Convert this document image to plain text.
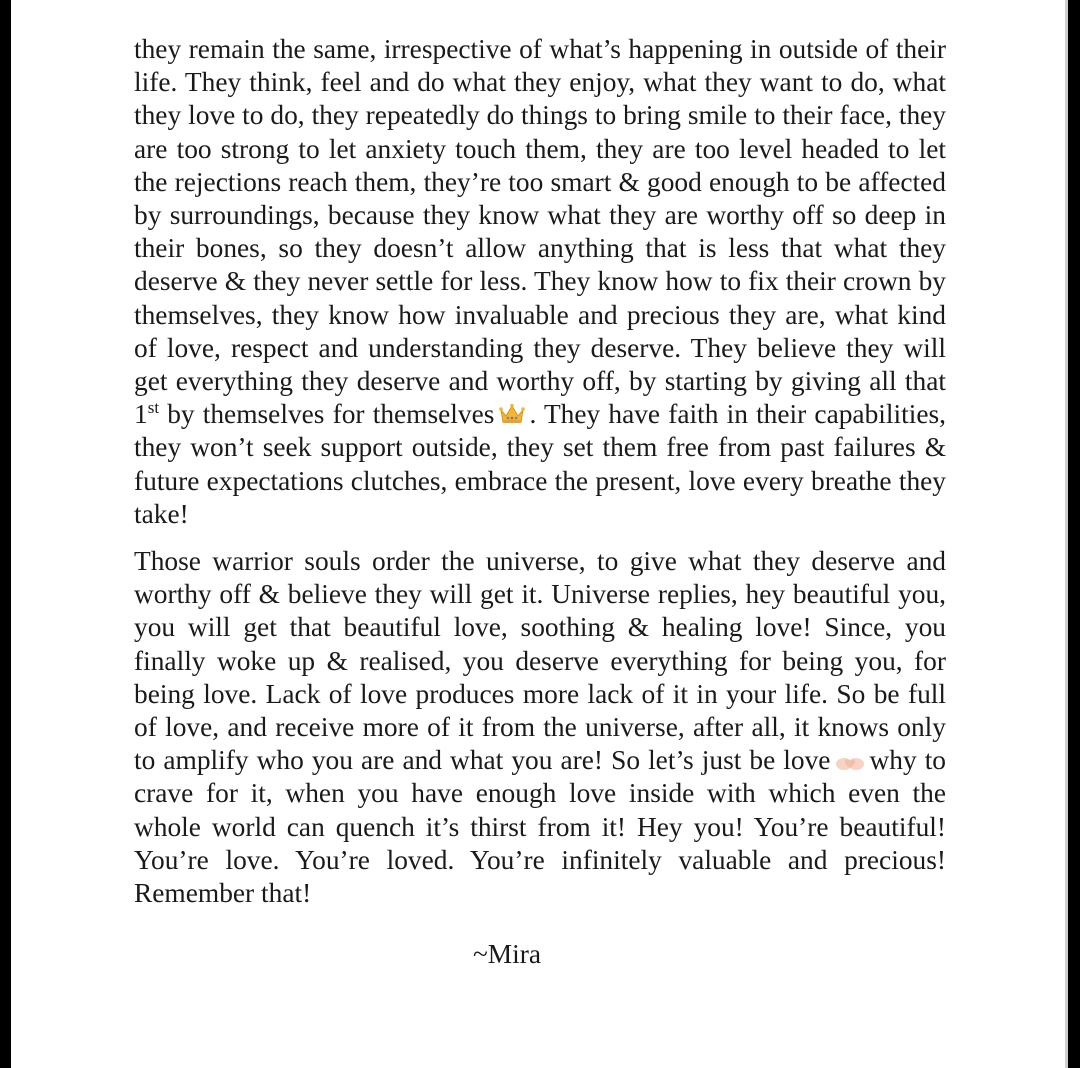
they remain the same, irrespective of what’s happening in outside of their life. They think, feel and do what they enjoy, what they want to do, what they love to do, they repeatedly do things to bring smile to their face, they are too strong to let anxiety touch them, they are too level headed to let the rejections reach them, they’re too smart & good enough to be affected by surroundings, because they know what they are worthy off so deep in their bones, so they doesn’t allow anything that is less that what they deserve & they never settle for less. They know how to fix their crown by themselves, they know how invaluable and precious they are, what kind of love, respect and understanding they deserve. They believe they will get everything they deserve and worthy off, by starting by giving all that 1st by themselves for themselves . They have faith in their capabilities, they won’t seek support outside, they set them free from past failures & future expectations clutches, embrace the present, love every breathe they take!

Those warrior souls order the universe, to give what they deserve and worthy off & believe they will get it. Universe replies, hey beautiful you, you will get that beautiful love, soothing & healing love! Since, you finally woke up & realised, you deserve everything for being you, for being love. Lack of love produces more lack of it in your life. So be full of love, and receive more of it from the universe, after all, it knows only to amplify who you are and what you are! So let’s just be love why to crave for it, when you have enough love inside with which even the whole world can quench it’s thirst from it! Hey you! You’re beautiful! You’re love. You’re loved. You’re infinitely valuable and precious! Remember that!

~Mira
